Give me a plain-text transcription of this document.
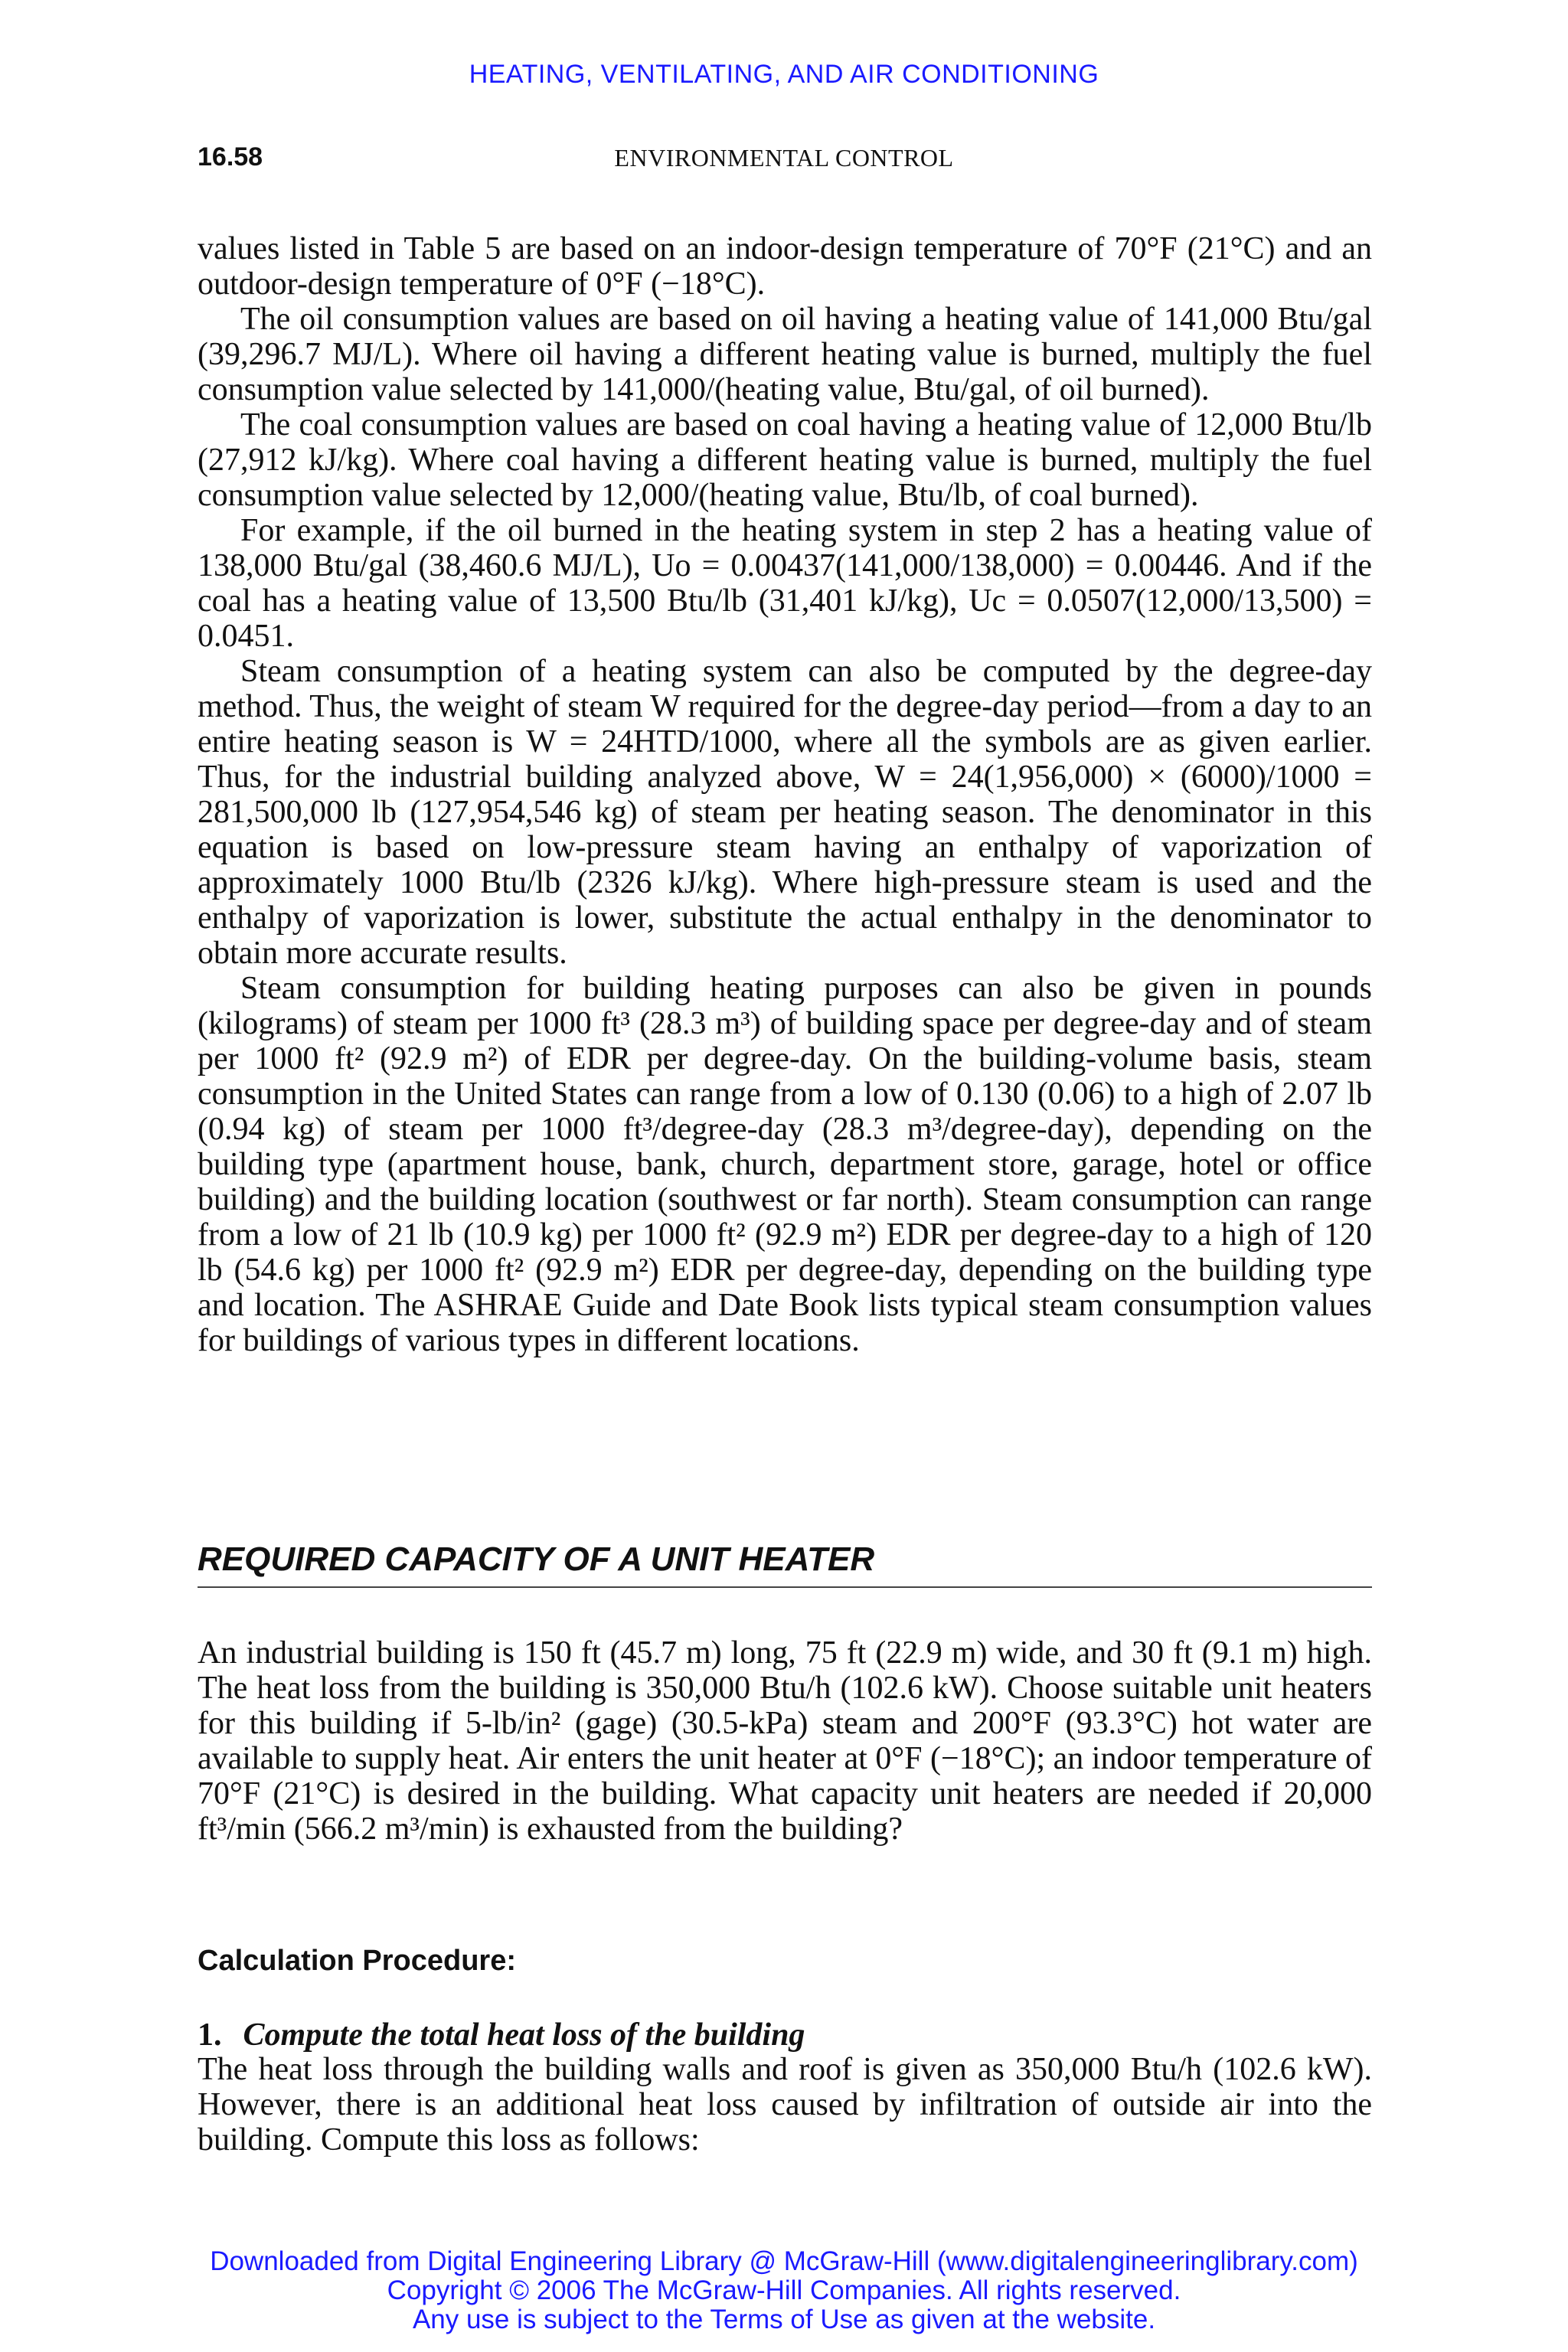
HEATING, VENTILATING, AND AIR CONDITIONING
16.58	ENVIRONMENTAL CONTROL

values listed in Table 5 are based on an indoor-design temperature of 70°F (21°C) and an outdoor-design temperature of 0°F (−18°C).

The oil consumption values are based on oil having a heating value of 141,000 Btu/gal (39,296.7 MJ/L). Where oil having a different heating value is burned, multiply the fuel consumption value selected by 141,000/(heating value, Btu/gal, of oil burned).

The coal consumption values are based on coal having a heating value of 12,000 Btu/lb (27,912 kJ/kg). Where coal having a different heating value is burned, multiply the fuel consumption value selected by 12,000/(heating value, Btu/lb, of coal burned).

For example, if the oil burned in the heating system in step 2 has a heating value of 138,000 Btu/gal (38,460.6 MJ/L), Uo = 0.00437(141,000/138,000) = 0.00446. And if the coal has a heating value of 13,500 Btu/lb (31,401 kJ/kg), Uc = 0.0507(12,000/13,500) = 0.0451.

Steam consumption of a heating system can also be computed by the degree-day method. Thus, the weight of steam W required for the degree-day period—from a day to an entire heating season is W = 24HTD/1000, where all the symbols are as given earlier. Thus, for the industrial building analyzed above, W = 24(1,956,000) × (6000)/1000 = 281,500,000 lb (127,954,546 kg) of steam per heating season. The denominator in this equation is based on low-pressure steam having an enthalpy of vaporization of approximately 1000 Btu/lb (2326 kJ/kg). Where high-pressure steam is used and the enthalpy of vaporization is lower, substitute the actual enthalpy in the denominator to obtain more accurate results.

Steam consumption for building heating purposes can also be given in pounds (kilograms) of steam per 1000 ft³ (28.3 m³) of building space per degree-day and of steam per 1000 ft² (92.9 m²) of EDR per degree-day. On the building-volume basis, steam consumption in the United States can range from a low of 0.130 (0.06) to a high of 2.07 lb (0.94 kg) of steam per 1000 ft³/degree-day (28.3 m³/degree-day), depending on the building type (apartment house, bank, church, department store, garage, hotel or office building) and the building location (southwest or far north). Steam consumption can range from a low of 21 lb (10.9 kg) per 1000 ft² (92.9 m²) EDR per degree-day to a high of 120 lb (54.6 kg) per 1000 ft² (92.9 m²) EDR per degree-day, depending on the building type and location. The ASHRAE Guide and Date Book lists typical steam consumption values for buildings of various types in different locations.

REQUIRED CAPACITY OF A UNIT HEATER

An industrial building is 150 ft (45.7 m) long, 75 ft (22.9 m) wide, and 30 ft (9.1 m) high. The heat loss from the building is 350,000 Btu/h (102.6 kW). Choose suitable unit heaters for this building if 5-lb/in² (gage) (30.5-kPa) steam and 200°F (93.3°C) hot water are available to supply heat. Air enters the unit heater at 0°F (−18°C); an indoor temperature of 70°F (21°C) is desired in the building. What capacity unit heaters are needed if 20,000 ft³/min (566.2 m³/min) is exhausted from the building?

Calculation Procedure:
1. Compute the total heat loss of the building

The heat loss through the building walls and roof is given as 350,000 Btu/h (102.6 kW). However, there is an additional heat loss caused by infiltration of outside air into the building. Compute this loss as follows:

Downloaded from Digital Engineering Library @ McGraw-Hill (www.digitalengineeringlibrary.com)
Copyright © 2006 The McGraw-Hill Companies. All rights reserved.
Any use is subject to the Terms of Use as given at the website.
